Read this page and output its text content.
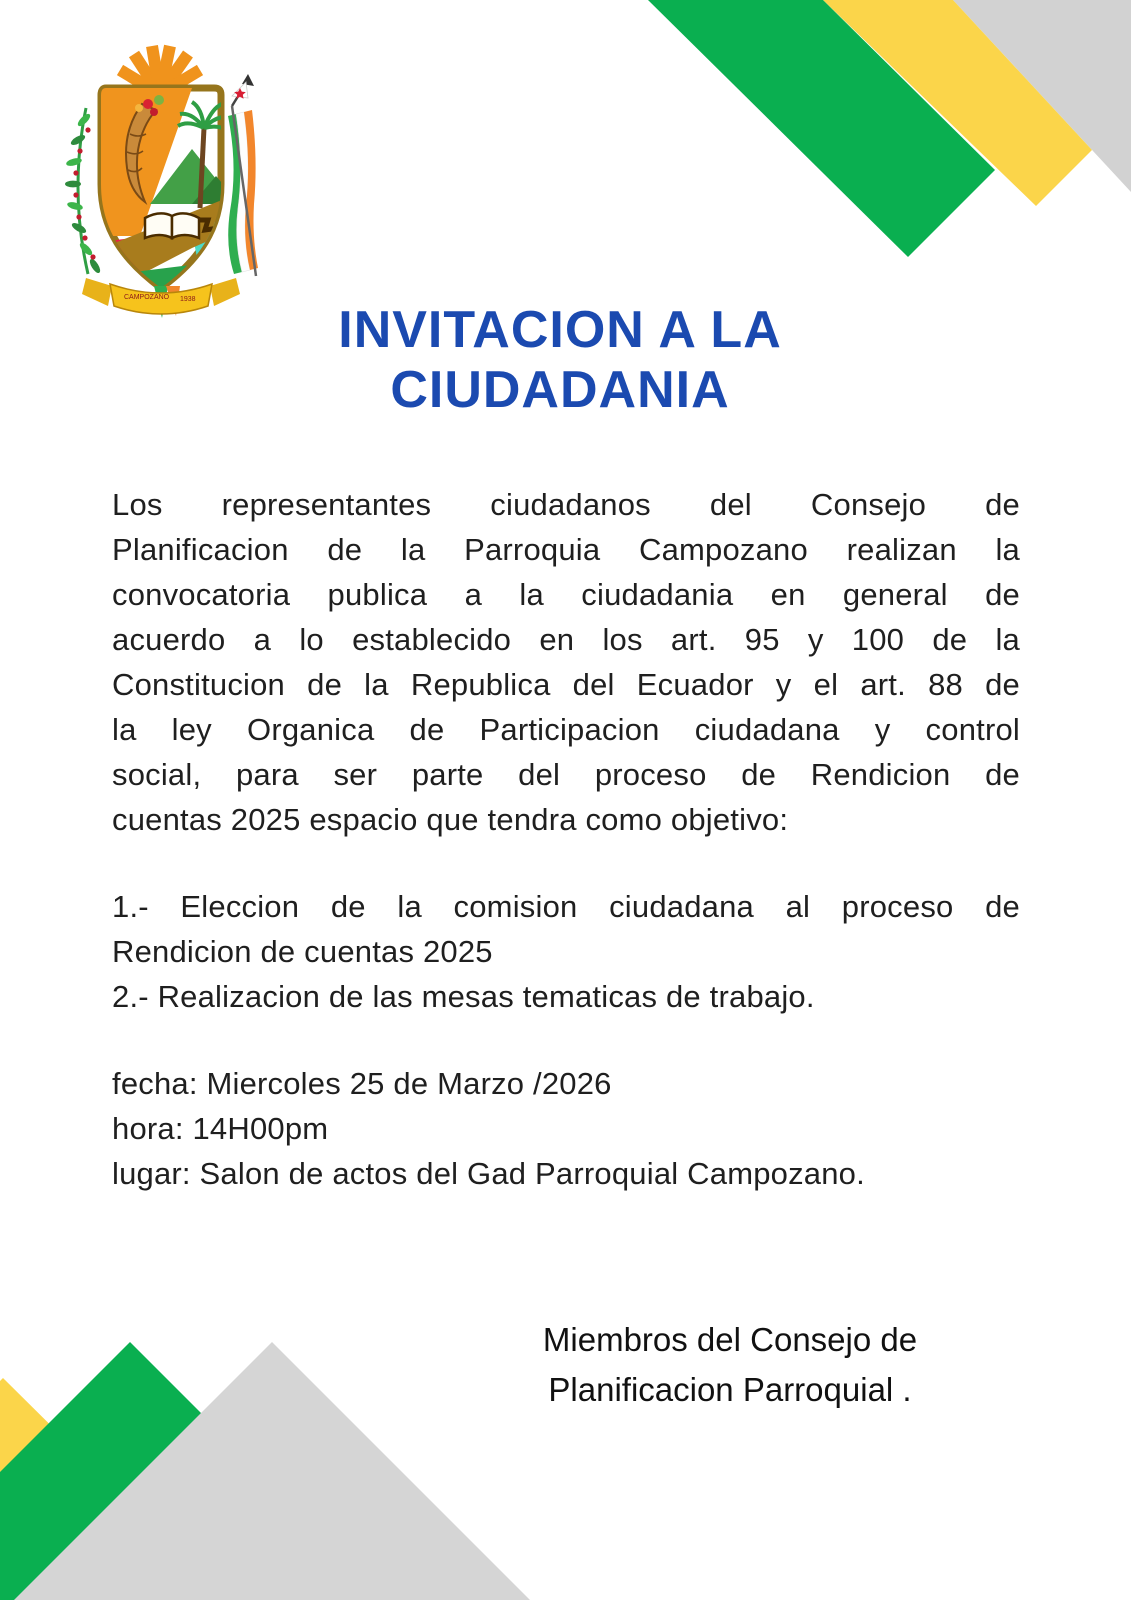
CAMPOZANO 1938
INVITACION A LA
CIUDADANIA
Los representantes ciudadanos del Consejo de
Planificacion de la Parroquia Campozano realizan la
convocatoria publica a la ciudadania en general de
acuerdo a lo establecido en los art. 95 y 100 de la
Constitucion de la Republica del Ecuador y el art. 88 de
la ley Organica de Participacion ciudadana y control
social, para ser parte del proceso de Rendicion de
cuentas 2025 espacio que tendra como objetivo:
1.- Eleccion de la comision ciudadana al proceso de
Rendicion de cuentas 2025
2.- Realizacion de las mesas tematicas de trabajo.
fecha: Miercoles 25 de Marzo /2026
hora: 14H00pm
lugar: Salon de actos del Gad Parroquial Campozano.
Miembros del Consejo de
Planificacion Parroquial .
